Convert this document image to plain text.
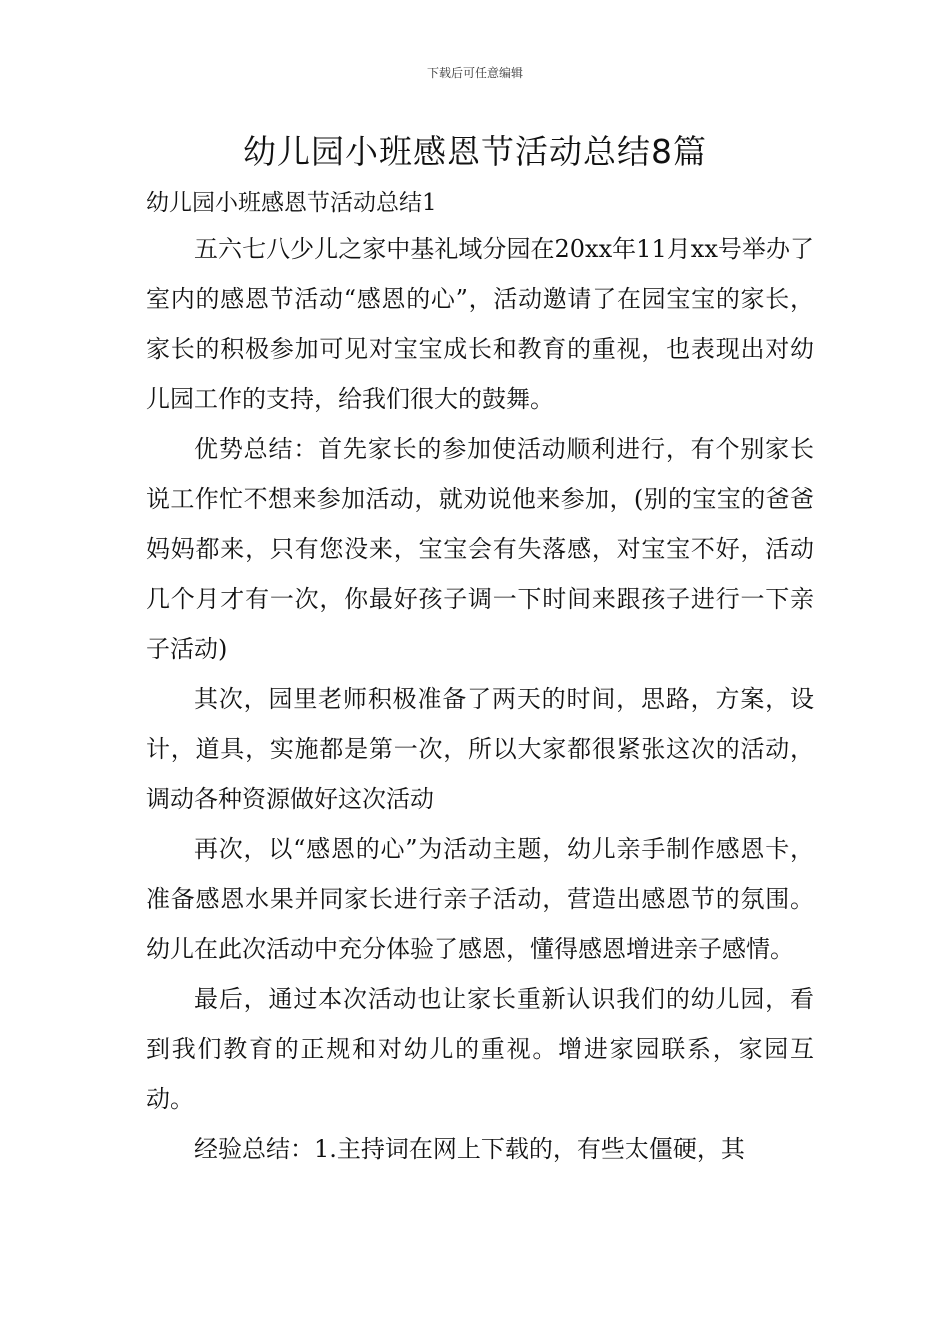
下载后可任意编辑
幼儿园小班感恩节活动总结8篇
幼儿园小班感恩节活动总结1

五六七八少儿之家中基礼域分园在20xx年11月xx号举办了室内的感恩节活动“感恩的心”，活动邀请了在园宝宝的家长，家长的积极参加可见对宝宝成长和教育的重视，也表现出对幼儿园工作的支持，给我们很大的鼓舞。

优势总结：首先家长的参加使活动顺利进行，有个别家长说工作忙不想来参加活动，就劝说他来参加，(别的宝宝的爸爸妈妈都来，只有您没来，宝宝会有失落感，对宝宝不好，活动几个月才有一次，你最好孩子调一下时间来跟孩子进行一下亲子活动)

其次，园里老师积极准备了两天的时间，思路，方案，设计，道具，实施都是第一次，所以大家都很紧张这次的活动，调动各种资源做好这次活动

再次，以“感恩的心”为活动主题，幼儿亲手制作感恩卡，准备感恩水果并同家长进行亲子活动，营造出感恩节的氛围。幼儿在此次活动中充分体验了感恩，懂得感恩增进亲子感情。

最后，通过本次活动也让家长重新认识我们的幼儿园，看到我们教育的正规和对幼儿的重视。增进家园联系，家园互动。

经验总结：1.主持词在网上下载的，有些太僵硬，其
